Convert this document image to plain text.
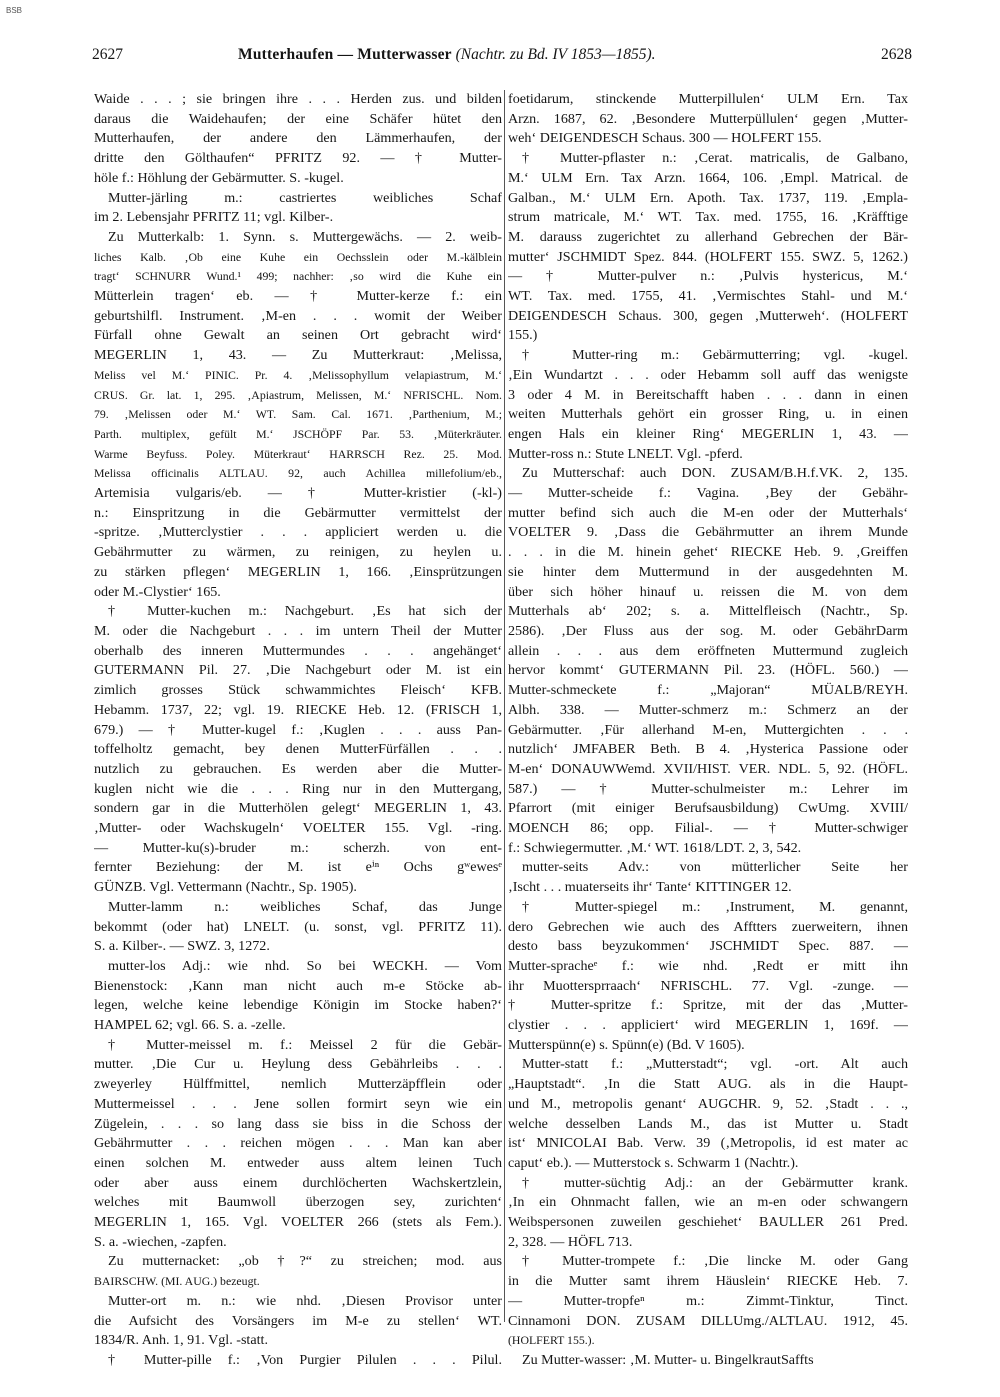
BSB
2627	Mutterhaufen — Mutterwasser (Nachtr. zu Bd. IV 1853—1855).	2628
Waide . . . ; sie bringen ihre . . . Herden zus. und bilden
daraus die Waidehaufen; der eine Schäfer hütet den
Mutterhaufen, der andere den Lämmerhaufen, der
dritte den Gölthaufen“ PFRITZ 92. — † Mutter-
höle f.: Höhlung der Gebärmutter. S. -kugel.
Mutter-järling m.: castriertes weibliches Schaf
im 2. Lebensjahr PFRITZ 11; vgl. Kilber-.
Zu Mutterkalb: 1. Synn. s. Muttergewächs. — 2. weib-
liches Kalb. ‚Ob eine Kuhe ein Oechsslein oder M.-kälblein
tragt‘ SCHNURR Wund.¹ 499; nachher: ‚so wird die Kuhe ein
Mütterlein tragen‘ eb. — † Mutter-kerze f.: ein
geburtshilfl. Instrument. ‚M-en . . . womit der Weiber
Fürfall ohne Gewalt an seinen Ort gebracht wird‘
MEGERLIN 1, 43. — Zu Mutterkraut: ‚Melissa,
Meliss vel M.‘ PINIC. Pr. 4. ‚Melissophyllum velapiastrum, M.‘
CRUS. Gr. lat. 1, 295. ‚Apiastrum, Melissen, M.‘ NFRISCHL. Nom.
79. ‚Melissen oder M.‘ WT. Sam. Cal. 1671. ‚Parthenium, M.;
Parth. multiplex, gefült M.‘ JSCHÖPF Par. 53. ‚Müterkräuter.
Warme Beyfuss. Poley. Müterkraut‘ HARRSCH Rez. 25. Mod.
Melissa officinalis ALTLAU. 92, auch Achillea millefolium/eb.,
Artemisia vulgaris/eb. — † Mutter-kristier (-kl-)
n.: Einspritzung in die Gebärmutter vermittelst der
-spritze. ‚Mutterclystier . . . appliciert werden u. die
Gebährmutter zu wärmen, zu reinigen, zu heylen u.
zu stärken pflegen‘ MEGERLIN 1, 166. ‚Einsprützungen
oder M.-Clystier‘ 165.
† Mutter-kuchen m.: Nachgeburt. ‚Es hat sich der
M. oder die Nachgeburt . . . im untern Theil der Mutter
oberhalb des inneren Muttermundes . . . angehänget‘
GUTERMANN Pil. 27. ‚Die Nachgeburt oder M. ist ein
zimlich grosses Stück schwammichtes Fleisch‘ KFB.
Hebamm. 1737, 22; vgl. 19. RIECKE Heb. 12. (FRISCH 1,
679.) — † Mutter-kugel f.: ‚Kuglen . . . auss Pan-
toffelholtz gemacht, bey denen MutterFürfällen . . .
nutzlich zu gebrauchen. Es werden aber die Mutter-
kuglen nicht wie die . . . Ring nur in den Muttergang,
sondern gar in die Mutterhölen gelegt‘ MEGERLIN 1, 43.
‚Mutter- oder Wachskugeln‘ VOELTER 155. Vgl. -ring.
— Mutter-ku(s)-bruder m.: scherzh. von ent-
fernter Beziehung: der M. ist eⁱⁿ Ochs gʷewesᵉ
GÜNZB. Vgl. Vettermann (Nachtr., Sp. 1905).
Mutter-lamm n.: weibliches Schaf, das Junge
bekommt (oder hat) LNELT. (u. sonst, vgl. PFRITZ 11).
S. a. Kilber-. — SWZ. 3, 1272.
mutter-los Adj.: wie nhd. So bei WECKH. — Vom
Bienenstock: ‚Kann man nicht auch m-e Stöcke ab-
legen, welche keine lebendige Königin im Stocke haben?‘
HAMPEL 62; vgl. 66. S. a. -zelle.
† Mutter-meissel m. f.: Meissel 2 für die Gebär-
mutter. ‚Die Cur u. Heylung dess Gebährleibs . . .
zweyerley Hülffmittel, nemlich Mutterzäpfflein oder
Muttermeissel . . . Jene sollen formirt seyn wie ein
Zügelein, . . . so lang dass sie biss in die Schoss der
Gebährmutter . . . reichen mögen . . . Man kan aber
einen solchen M. entweder auss altem leinen Tuch
oder aber auss einem durchlöcherten Wachskertzlein,
welches mit Baumwoll überzogen sey, zurichten‘
MEGERLIN 1, 165. Vgl. VOELTER 266 (stets als Fem.).
S. a. -wiechen, -zapfen.
Zu mutternacket: „ob †?“ zu streichen; mod. aus
BAIRSCHW. (MI. AUG.) bezeugt.
Mutter-ort m. n.: wie nhd. ‚Diesen Provisor unter
die Aufsicht des Vorsängers im M-e zu stellen‘ WT.
1834/R. Anh. 1, 91. Vgl. -statt.
† Mutter-pille f.: ‚Von Purgier Pilulen . . . Pilul.
foetidarum, stinckende Mutterpillulen‘ ULM Ern. Tax
Arzn. 1687, 62. ‚Besondere Mutterpüllulen‘ gegen ‚Mutter-
weh‘ DEIGENDESCH Schaus. 300 — HOLFERT 155.
† Mutter-pflaster n.: ‚Cerat. matricalis, de Galbano,
M.‘ ULM Ern. Tax Arzn. 1664, 106. ‚Empl. Matrical. de
Galban., M.‘ ULM Ern. Apoth. Tax. 1737, 119. ‚Empla-
strum matricale, M.‘ WT. Tax. med. 1755, 16. ‚Kräfftige
M. darauss zugerichtet zu allerhand Gebrechen der Bär-
mutter‘ JSCHMIDT Spez. 844. (HOLFERT 155. SWZ. 5, 1262.)
— † Mutter-pulver n.: ‚Pulvis hystericus, M.‘
WT. Tax. med. 1755, 41. ‚Vermischtes Stahl- und M.‘
DEIGENDESCH Schaus. 300, gegen ‚Mutterweh‘. (HOLFERT
155.)
† Mutter-ring m.: Gebärmutterring; vgl. -kugel.
‚Ein Wundartzt . . . oder Hebamm soll auff das wenigste
3 oder 4 M. in Bereitschafft haben . . . dann in einen
weiten Mutterhals gehört ein grosser Ring, u. in einen
engen Hals ein kleiner Ring‘ MEGERLIN 1, 43. —
Mutter-ross n.: Stute LNELT. Vgl. -pferd.
Zu Mutterschaf: auch DON. ZUSAM/B.H.f.VK. 2, 135.
— Mutter-scheide f.: Vagina. ‚Bey der Gebähr-
mutter befind sich auch die M-en oder der Mutterhals‘
VOELTER 9. ‚Dass die Gebährmutter an ihrem Munde
. . . in die M. hinein gehet‘ RIECKE Heb. 9. ‚Greiffen
sie hinter dem Muttermund in der ausgedehnten M.
über sich höher hinauf u. reissen die M. von dem
Mutterhals ab‘ 202; s. a. Mittelfleisch (Nachtr., Sp.
2586). ‚Der Fluss aus der sog. M. oder GebährDarm
allein . . . aus dem eröffneten Muttermund zugleich
hervor kommt‘ GUTERMANN Pil. 23. (HÖFL. 560.) —
Mutter-schmeckete f.: „Majoran“ MÜALB/REYH.
Albh. 338. — Mutter-schmerz m.: Schmerz an der
Gebärmutter. ‚Für allerhand M-en, Muttergichten . . .
nutzlich‘ JMFABER Beth. B 4. ‚Hysterica Passione oder
M-en‘ DONAUWWemd. XVII/HIST. VER. NDL. 5, 92. (HÖFL.
587.) — † Mutter-schulmeister m.: Lehrer im
Pfarrort (mit einiger Berufsausbildung) CwUmg. XVIII/
MOENCH 86; opp. Filial-. — † Mutter-schwiger
f.: Schwiegermutter. ‚M.‘ WT. 1618/LDT. 2, 3, 542.
mutter-seits Adv.: von mütterlicher Seite her
‚Ischt . . . muaterseits ihr‘ Tante‘ KITTINGER 12.
† Mutter-spiegel m.: ‚Instrument, M. genannt,
dero Gebrechen wie auch des Afftters zuerweitern, ihnen
desto bass beyzukommen‘ JSCHMIDT Spec. 887. —
Mutter-spracheᵉ f.: wie nhd. ‚Redt er mitt ihn
ihr Muottersprraach‘ NFRISCHL. 77. Vgl. -zunge. —
† Mutter-spritze f.: Spritze, mit der das ‚Mutter-
clystier . . . appliciert‘ wird MEGERLIN 1, 169f. —
Mutterspünn(e) s. Spünn(e) (Bd. V 1605).
Mutter-statt f.: „Mutterstadt“; vgl. -ort. Alt auch
„Hauptstadt“. ‚In die Statt AUG. als in die Haupt-
und M., metropolis genant‘ AUGCHR. 9, 52. ‚Stadt . . .,
welche desselben Lands M., das ist Mutter u. Stadt
ist‘ MNICOLAI Bab. Verw. 39 (‚Metropolis, id est mater ac
caput‘ eb.). — Mutterstock s. Schwarm 1 (Nachtr.).
† mutter-süchtig Adj.: an der Gebärmutter krank.
‚In ein Ohnmacht fallen, wie an m-en oder schwangern
Weibspersonen zuweilen geschiehet‘ BAULLER 261 Pred.
2, 328. — HÖFL 713.
† Mutter-trompete f.: ‚Die lincke M. oder Gang
in die Mutter samt ihrem Häuslein‘ RIECKE Heb. 7.
— Mutter-tropfeⁿ m.: Zimmt-Tinktur, Tinct.
Cinnamoni DON. ZUSAM DILLUmg./ALTLAU. 1912, 45.
(HOLFERT 155.).
Zu Mutter-wasser: ‚M. Mutter- u. BingelkrautSaffts
